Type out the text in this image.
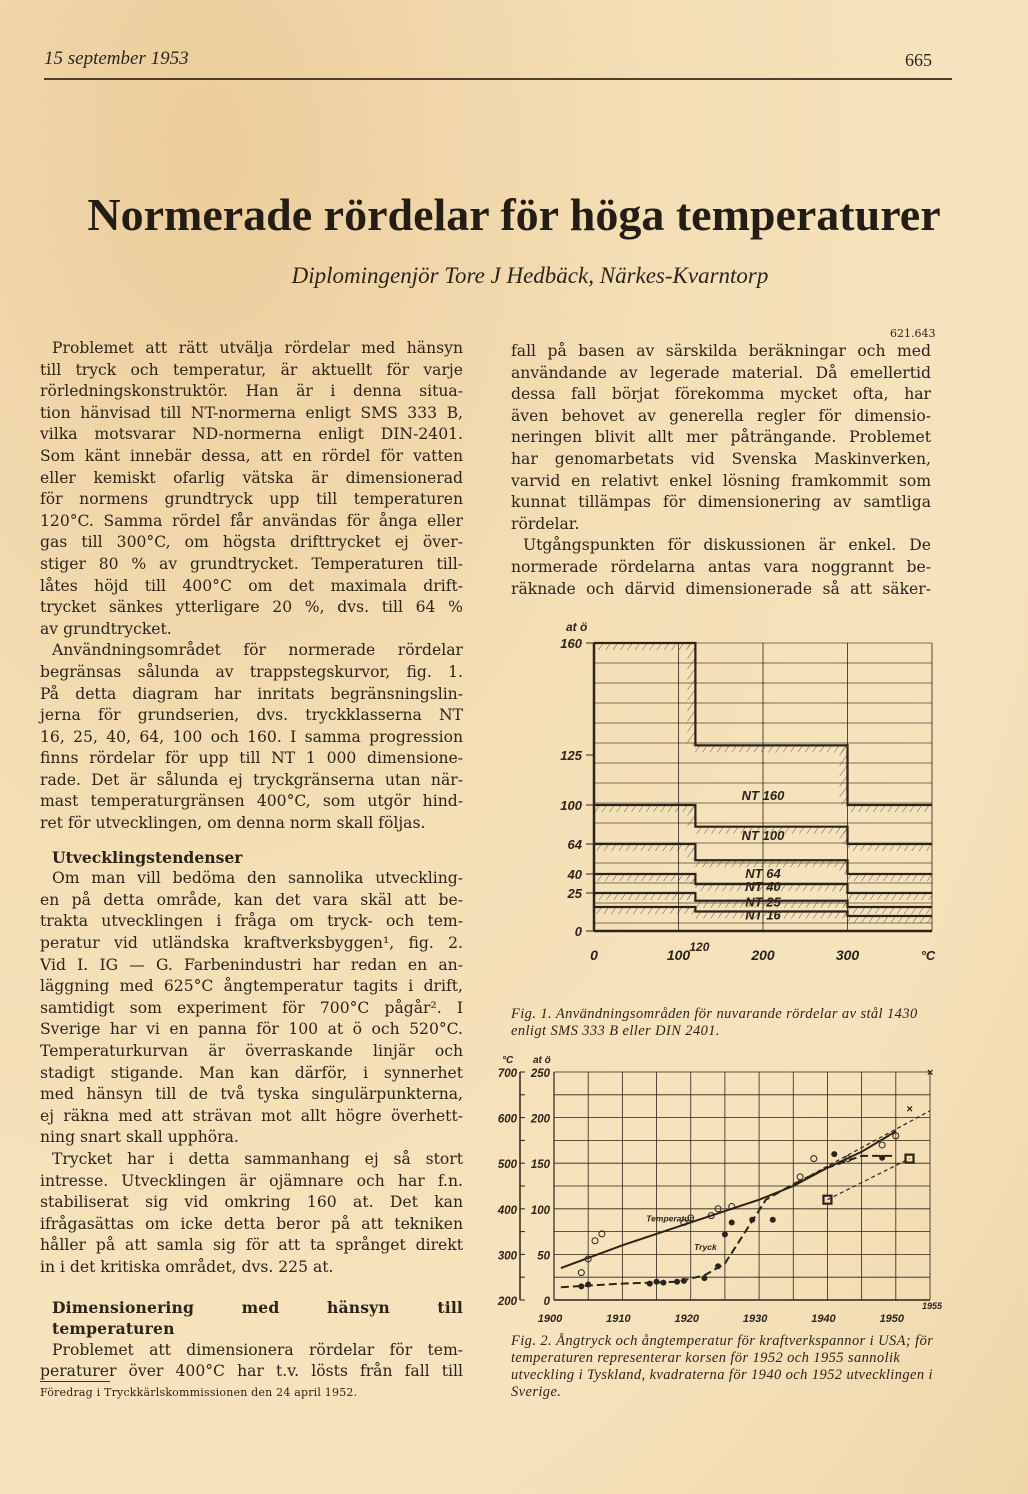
15 september 1953	665
Normerade rördelar för höga temperaturer
Diplomingenjör Tore J Hedbäck, Närkes-Kvarntorp
Problemet att rätt utvälja rördelar med hänsyn
till tryck och temperatur, är aktuellt för varje
rörledningskonstruktör. Han är i denna situa-
tion hänvisad till NT-normerna enligt SMS 333 B,
vilka motsvarar ND-normerna enligt DIN-2401.
Som känt innebär dessa, att en rördel för vatten
eller kemiskt ofarlig vätska är dimensionerad
för normens grundtryck upp till temperaturen
120°C. Samma rördel får användas för ånga eller
gas till 300°C, om högsta drifttrycket ej över-
stiger 80 % av grundtrycket. Temperaturen till-
låtes höjd till 400°C om det maximala drift-
trycket sänkes ytterligare 20 %, dvs. till 64 %
av grundtrycket.
Användningsområdet för normerade rördelar
begränsas sålunda av trappstegskurvor, fig. 1.
På detta diagram har inritats begränsningslin-
jerna för grundserien, dvs. tryckklasserna NT
16, 25, 40, 64, 100 och 160. I samma progression
finns rördelar för upp till NT 1 000 dimensione-
rade. Det är sålunda ej tryckgränserna utan när-
mast temperaturgränsen 400°C, som utgör hind-
ret för utvecklingen, om denna norm skall följas.
Utvecklingstendenser
Om man vill bedöma den sannolika utveckling-
en på detta område, kan det vara skäl att be-
trakta utvecklingen i fråga om tryck- och tem-
peratur vid utländska kraftverksbyggen¹, fig. 2.
Vid I. IG — G. Farbenindustri har redan en an-
läggning med 625°C ångtemperatur tagits i drift,
samtidigt som experiment för 700°C pågår². I
Sverige har vi en panna för 100 at ö och 520°C.
Temperaturkurvan är överraskande linjär och
stadigt stigande. Man kan därför, i synnerhet
med hänsyn till de två tyska singulärpunkterna,
ej räkna med att strävan mot allt högre överhett-
ning snart skall upphöra.
Trycket har i detta sammanhang ej så stort
intresse. Utvecklingen är ojämnare och har f.n.
stabiliserat sig vid omkring 160 at. Det kan
ifrågasättas om icke detta beror på att tekniken
håller på att samla sig för att ta språnget direkt
in i det kritiska området, dvs. 225 at.
Dimensionering med hänsyn till temperaturen
Problemet att dimensionera rördelar för tem-
peraturer över 400°C har t.v. lösts från fall till
Föredrag i Tryckkärlskommissionen den 24 april 1952.
621.643
fall på basen av särskilda beräkningar och med
användande av legerade material. Då emellertid
dessa fall börjat förekomma mycket ofta, har
även behovet av generella regler för dimensio-
neringen blivit allt mer påträngande. Problemet
har genomarbetats vid Svenska Maskinverken,
varvid en relativt enkel lösning framkommit som
kunnat tillämpas för dimensionering av samtliga
rördelar.
Utgångspunkten för diskussionen är enkel. De
normerade rördelarna antas vara noggrannt be-
räknade och därvid dimensionerade så att säker-
NT 160
NT 100
NT 64
NT 40
NT 25
NT 16
0
25
40
64
100
125
160
at ö
0	100 120	200	300	°C
Fig. 1. Användningsområden för nuvarande rördelar av stål 1430 enligt SMS 333 B eller DIN 2401.
200
300
400
500
600
700
0
50
100
150
200
250
°C at ö
1900	1910	1920	1930	1940	1950
1955
×
×
Temperatur
Tryck
Fig. 2. Ångtryck och ångtemperatur för kraftverkspannor i USA; för temperaturen representerar korsen för 1952 och 1955 sannolik utveckling i Tyskland, kvadraterna för 1940 och 1952 utvecklingen i Sverige.
